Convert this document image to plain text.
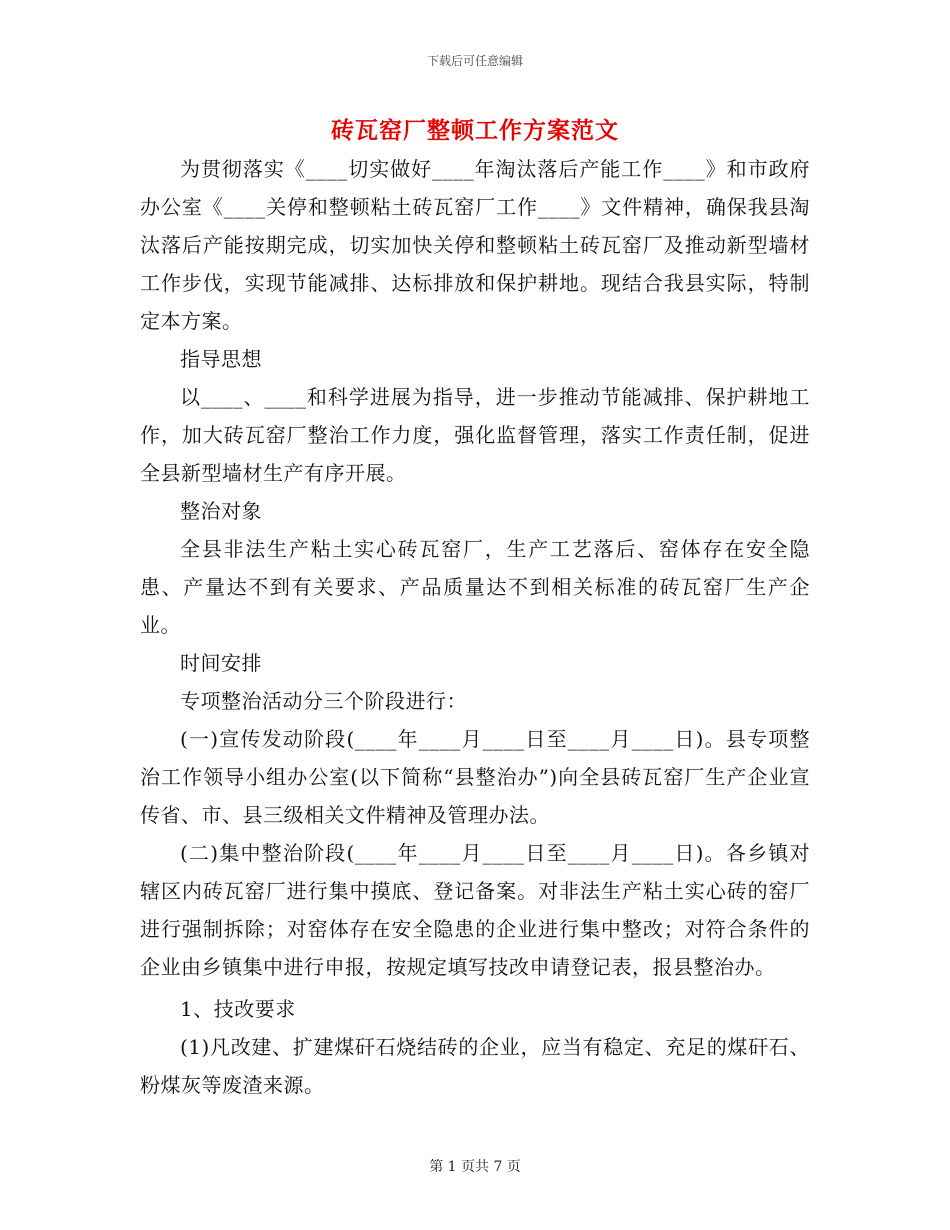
下载后可任意编辑
砖瓦窑厂整顿工作方案范文

为贯彻落实《____切实做好____年淘汰落后产能工作____》和市政府办公室《____关停和整顿粘土砖瓦窑厂工作____》文件精神，确保我县淘汰落后产能按期完成，切实加快关停和整顿粘土砖瓦窑厂及推动新型墙材工作步伐，实现节能减排、达标排放和保护耕地。现结合我县实际，特制定本方案。

指导思想

以____、____和科学进展为指导，进一步推动节能减排、保护耕地工作，加大砖瓦窑厂整治工作力度，强化监督管理，落实工作责任制，促进全县新型墙材生产有序开展。

整治对象

全县非法生产粘土实心砖瓦窑厂，生产工艺落后、窑体存在安全隐患、产量达不到有关要求、产品质量达不到相关标准的砖瓦窑厂生产企业。

时间安排

专项整治活动分三个阶段进行：

(一)宣传发动阶段(____年____月____日至____月____日)。县专项整治工作领导小组办公室(以下简称“县整治办”)向全县砖瓦窑厂生产企业宣传省、市、县三级相关文件精神及管理办法。

(二)集中整治阶段(____年____月____日至____月____日)。各乡镇对辖区内砖瓦窑厂进行集中摸底、登记备案。对非法生产粘土实心砖的窑厂进行强制拆除；对窑体存在安全隐患的企业进行集中整改；对符合条件的企业由乡镇集中进行申报，按规定填写技改申请登记表，报县整治办。

1、技改要求

(1)凡改建、扩建煤矸石烧结砖的企业，应当有稳定、充足的煤矸石、粉煤灰等废渣来源。

第 1 页共 7 页
